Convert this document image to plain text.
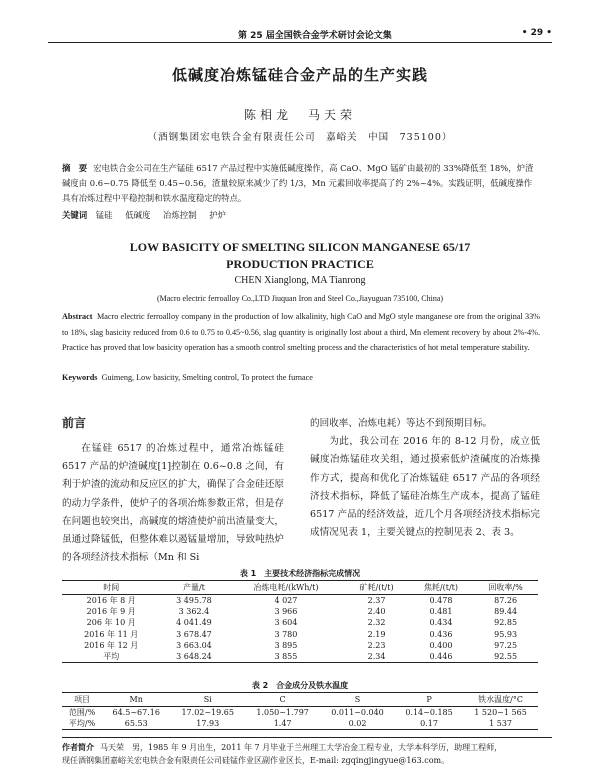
第 25 届全国铁合金学术研讨会论文集	• 29 •
低碱度冶炼锰硅合金产品的生产实践
陈相龙　马天荣
（酒钢集团宏电铁合金有限责任公司　嘉峪关　中国　735100）
摘　要 宏电铁合金公司在生产锰硅 6517 产品过程中实施低碱度操作，高 CaO、MgO 锰矿由最初的 33%降低至 18%，炉渣碱度由 0.6~0.75 降低至 0.45~0.56，渣量较原来减少了约 1/3，Mn 元素回收率提高了约 2%~4%。实践证明，低碱度操作具有冶炼过程中平稳控制和铁水温度稳定的特点。
关键词 锰硅 低碱度 冶炼控制 护炉
LOW BASICITY OF SMELTING SILICON MANGANESE 65/17
PRODUCTION PRACTICE
CHEN Xianglong, MA Tianrong
(Macro electric ferroalloy Co.,LTD Jiuquan Iron and Steel Co.,Jiayuguan 735100, China)
Abstract Macro electric ferroalloy company in the production of low alkalinity, high CaO and MgO style manganese ore from the original 33% to 18%, slag basicity reduced from 0.6 to 0.75 to 0.45~0.56, slag quantity is originally lost about a third, Mn element recovery by about 2%-4%. Practice has proved that low basicity operation has a smooth control smelting process and the characteristics of hot metal temperature stability.
Keywords Guimeng, Low basicity, Smelting control, To protect the furnace
前言

在锰硅 6517 的冶炼过程中，通常冶炼锰硅 6517 产品的炉渣碱度[1]控制在 0.6~0.8 之间，有利于炉渣的流动和反应区的扩大，确保了合金硅还原的动力学条件，使炉子的各项冶炼参数正常，但是存在问题也较突出，高碱度的熔渣使炉前出渣量变大，虽通过降锰低，但整体难以遏锰量增加，导致吨热炉的各项经济技术指标（Mn 和 Si

的回收率、冶炼电耗）等达不到预期目标。

为此，我公司在 2016 年的 8-12 月份，成立低碱度冶炼锰硅攻关组，通过摸索低炉渣碱度的冶炼操作方式，提高和优化了冶炼锰硅 6517 产品的各项经济技术指标，降低了锰硅冶炼生产成本，提高了锰硅 6517 产品的经济效益，近几个月各项经济技术指标完成情况见表 1，主要关键点的控制见表 2、表 3。

表 1　主要技术经济指标完成情况
时间	产量/t	冶炼电耗/(kWh/t)	矿耗/(t/t)	焦耗/(t/t)	回收率/%
2016 年 8 月	3 495.78	4 027	2.37	0.478	87.26
2016 年 9 月	3 362.4	3 966	2.40	0.481	89.44
206 年 10 月	4 041.49	3 604	2.32	0.434	92.85
2016 年 11 月	3 678.47	3 780	2.19	0.436	95.93
2016 年 12 月	3 663.04	3 895	2.23	0.400	97.25
平均	3 648.24	3 855	2.34	0.446	92.55
表 2　合金成分及铁水温度
项目	Mn	Si	C	S	P	铁水温度/°C
范围/%	64.5~67.16	17.02~19.65	1.050~1.797	0.011~0.040	0.14~0.185	1 520~1 565
平均/%	65.53	17.93	1.47	0.02	0.17	1 537
作者简介 马天荣　男，1985 年 9 月出生，2011 年 7 月毕业于兰州理工大学冶金工程专业，大学本科学历，助理工程师，
现任酒钢集团嘉峪关宏电铁合金有限责任公司硅锰作业区副作业区长，E-mail: zgqingjingyue@163.com。
